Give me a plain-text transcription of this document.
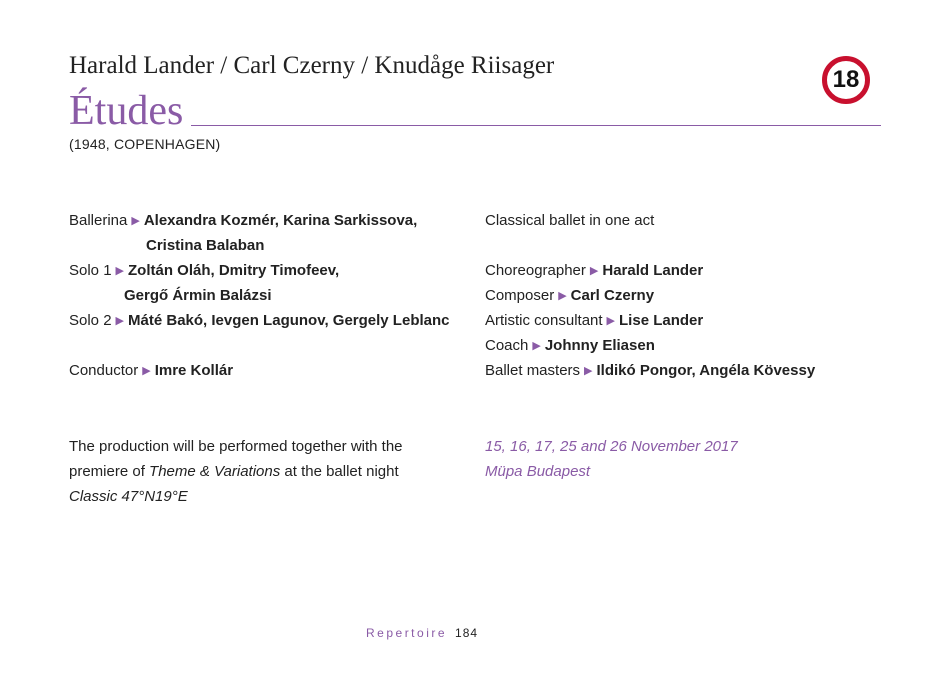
Harald Lander / Carl Czerny / Knudåge Riisager
Études
(1948, COPENHAGEN)
18
Ballerina ▶ Alexandra Kozmér, Karina Sarkissova,
Cristina Balaban
Solo 1 ▶ Zoltán Oláh, Dmitry Timofeev,
Gergő Ármin Balázsi
Solo 2 ▶ Máté Bakó, Ievgen Lagunov, Gergely Leblanc
Conductor ▶ Imre Kollár
Classical ballet in one act
Choreographer ▶ Harald Lander
Composer ▶ Carl Czerny
Artistic consultant ▶ Lise Lander
Coach ▶ Johnny Eliasen
Ballet masters ▶ Ildikó Pongor, Angéla Kövessy
The production will be performed together with the
premiere of Theme & Variations at the ballet night
Classic 47°N19°E
15, 16, 17, 25 and 26 November 2017
Müpa Budapest
Repertoire 184
